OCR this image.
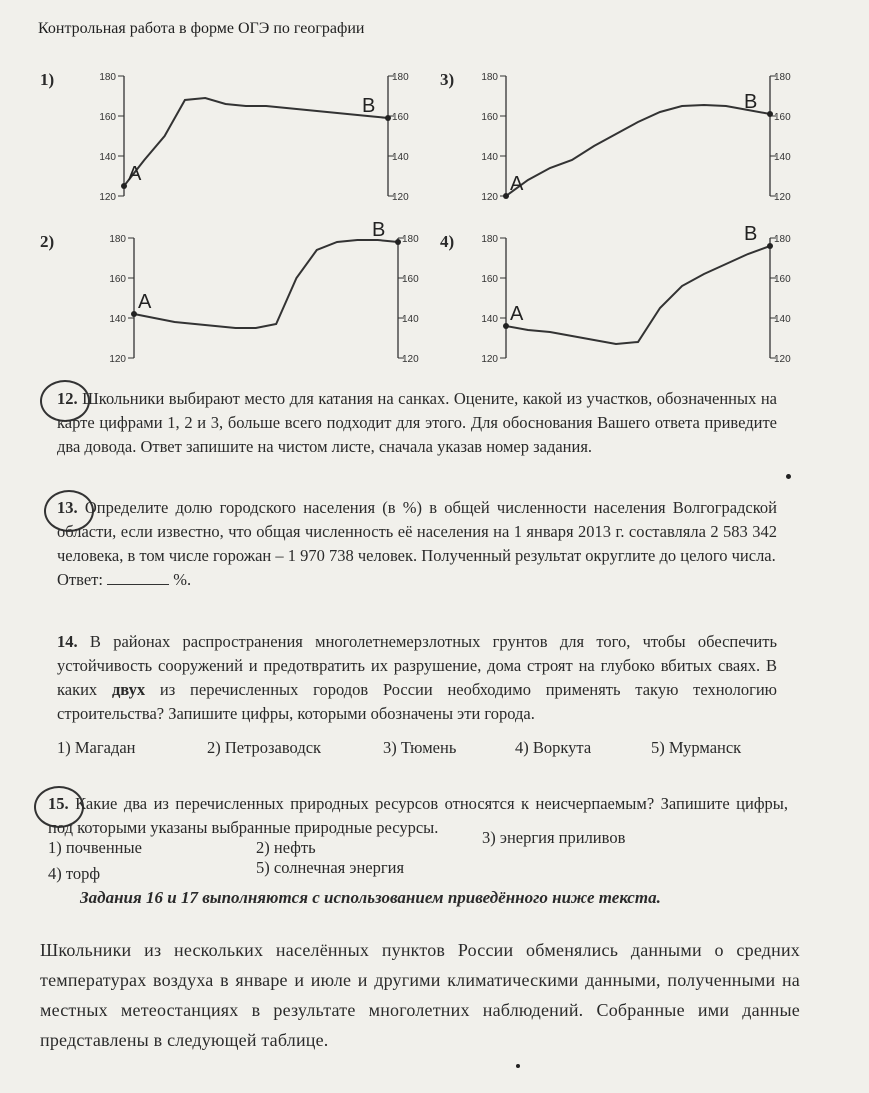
Контрольная работа в форме ОГЭ по географии
1)	180
160
140
120
180
160
140
120
A
B
3)	180
160
140
120
180
160
140
120
A
B
2)	180
160
140
120
180
160
140
120
A
B
4)	180
160
140
120
180
160
140
120
A
B
12. Школьники выбирают место для катания на санках. Оцените, какой из участков, обозначенных на карте цифрами 1, 2 и 3, больше всего подходит для этого. Для обоснования Вашего ответа приведите два довода. Ответ запишите на чистом листе, сначала указав номер задания.
13. Определите долю городского населения (в %) в общей численности населения Волгоградской области, если известно, что общая численность её населения на 1 января 2013 г. составляла 2 583 342 человека, в том числе горожан – 1 970 738 человек. Полученный результат округлите до целого числа.
Ответ:	%.
14. В районах распространения многолетнемерзлотных грунтов для того, чтобы обеспечить устойчивость сооружений и предотвратить их разрушение, дома строят на глубоко вбитых сваях. В каких двух из перечисленных городов России необходимо применять такую технологию строительства? Запишите цифры, которыми обозначены эти города.
1) Магадан	2) Петрозаводск	3) Тюмень	4) Воркута	5) Мурманск
15. Какие два из перечисленных природных ресурсов относятся к неисчерпаемым? Запишите цифры, под которыми указаны выбранные природные ресурсы.
1) почвенные	2) нефть
3) энергия приливов
4) торф	5) солнечная энергия
Задания 16 и 17 выполняются с использованием приведённого ниже текста.
Школьники из нескольких населённых пунктов России обменялись данными о средних температурах воздуха в январе и июле и другими климатическими данными, полученными на местных метеостанциях в результате многолетних наблюдений. Собранные ими данные представлены в следующей таблице.
